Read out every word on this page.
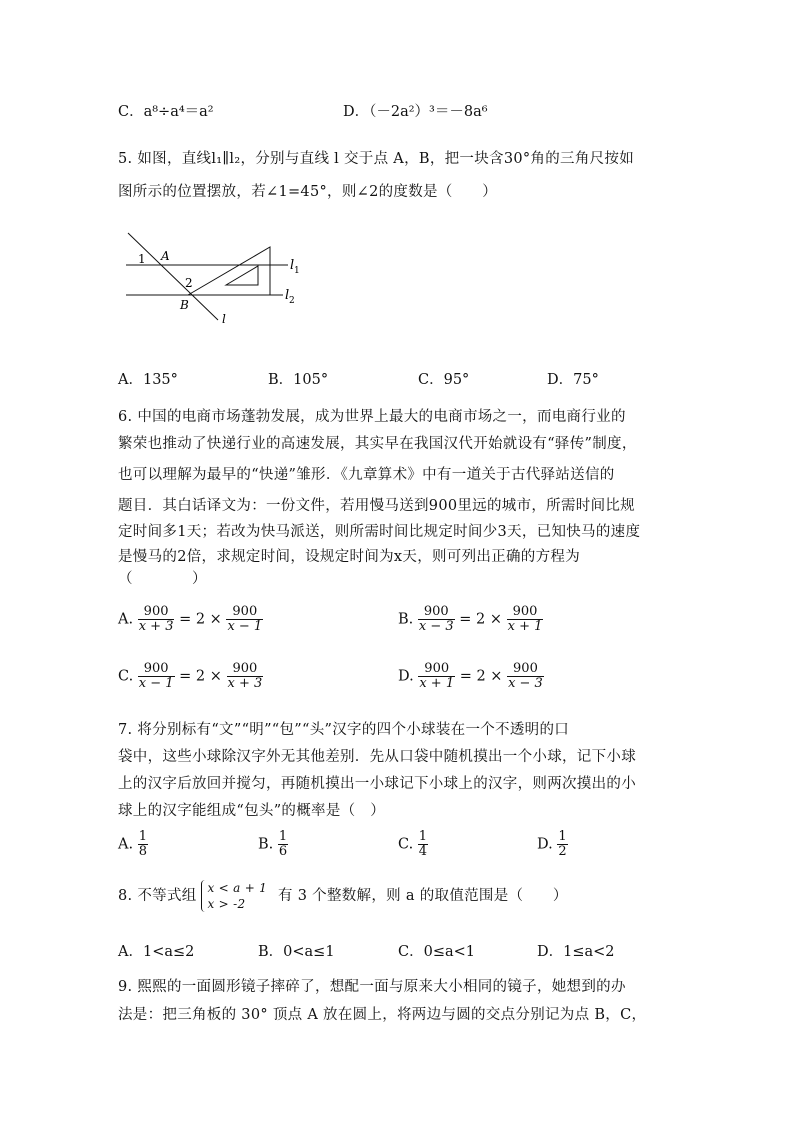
C．a⁸÷a⁴＝a²	D．（－2a²）³＝－8a⁶
5. 如图，直线l₁∥l₂，分别与直线 l 交于点 A，B，把一块含30°角的三角尺按如
图所示的位置摆放，若∠1=45°，则∠2的度数是（　　）
1 A
2
B
l
l 1
l 2
A．135°	B．105°	C．95°	D．75°
6. 中国的电商市场蓬勃发展，成为世界上最大的电商市场之一，而电商行业的
繁荣也推动了快递行业的高速发展，其实早在我国汉代开始就设有“驿传”制度，
也可以理解为最早的“快递”雏形．《九章算术》中有一道关于古代驿站送信的
题目．其白话译文为：一份文件，若用慢马送到900里远的城市，所需时间比规
定时间多1天；若改为快马派送，则所需时间比规定时间少3天，已知快马的速度
是慢马的2倍，求规定时间，设规定时间为x天，则可列出正确的方程为
（　　　　）
A. $\frac{900}{x + 3} = 2 \times \frac{900}{x - 1}$	B. $\frac{900}{x - 3} = 2 \times \frac{900}{x + 1}$
C. $\frac{900}{x - 1} = 2 \times \frac{900}{x + 3}$	D. $\frac{900}{x + 1} = 2 \times \frac{900}{x - 3}$
7. 将分别标有“文”“明”“包”“头”汉字的四个小球装在一个不透明的口
袋中，这些小球除汉字外无其他差别．先从口袋中随机摸出一个小球，记下小球
上的汉字后放回并搅匀，再随机摸出一小球记下小球上的汉字，则两次摸出的小
球上的汉字能组成“包头”的概率是（　）
A. $\frac{1}{8}$	B. $\frac{1}{6}$	C. $\frac{1}{4}$	D. $\frac{1}{2}$
8. 不等式组 x < a + 1
x > -2	有 3 个整数解，则 a 的取值范围是（　　）
A．1<a≤2	B．0<a≤1	C．0≤a<1	D．1≤a<2
9. 熙熙的一面圆形镜子摔碎了，想配一面与原来大小相同的镜子，她想到的办
法是：把三角板的 30° 顶点 A 放在圆上，将两边与圆的交点分别记为点 B，C，
